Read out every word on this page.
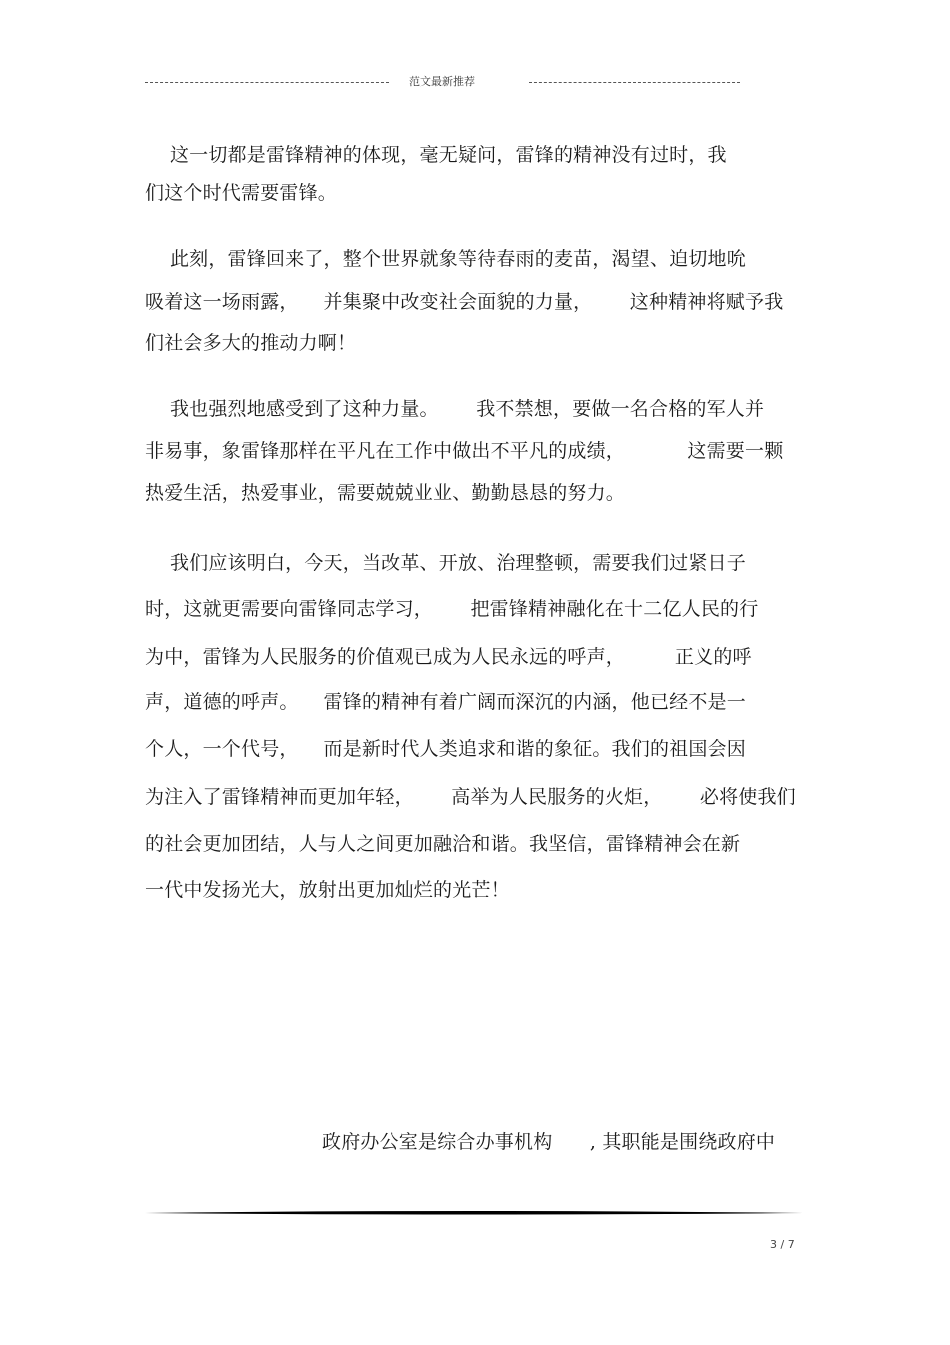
范文最新推荐
这一切都是雷锋精神的体现，毫无疑问，雷锋的精神没有过时，我
们这个时代需要雷锋。
此刻，雷锋回来了，整个世界就象等待春雨的麦苗，渴望、迫切地吮
吸着这一场雨露，    并集聚中改变社会面貌的力量，      这种精神将赋予我
们社会多大的推动力啊！
我也强烈地感受到了这种力量。      我不禁想，要做一名合格的军人并
非易事，象雷锋那样在平凡在工作中做出不平凡的成绩，          这需要一颗
热爱生活，热爱事业，需要兢兢业业、勤勤恳恳的努力。
我们应该明白，今天，当改革、开放、治理整顿，需要我们过紧日子
时，这就更需要向雷锋同志学习，      把雷锋精神融化在十二亿人民的行
为中，雷锋为人民服务的价值观已成为人民永远的呼声，        正义的呼
声，道德的呼声。    雷锋的精神有着广阔而深沉的内涵，他已经不是一
个人，一个代号，    而是新时代人类追求和谐的象征。我们的祖国会因
为注入了雷锋精神而更加年轻，      高举为人民服务的火炬，      必将使我们
的社会更加团结，人与人之间更加融洽和谐。我坚信，雷锋精神会在新
一代中发扬光大，放射出更加灿烂的光芒！
政府办公室是综合办事机构      , 其职能是围绕政府中
3 / 7
